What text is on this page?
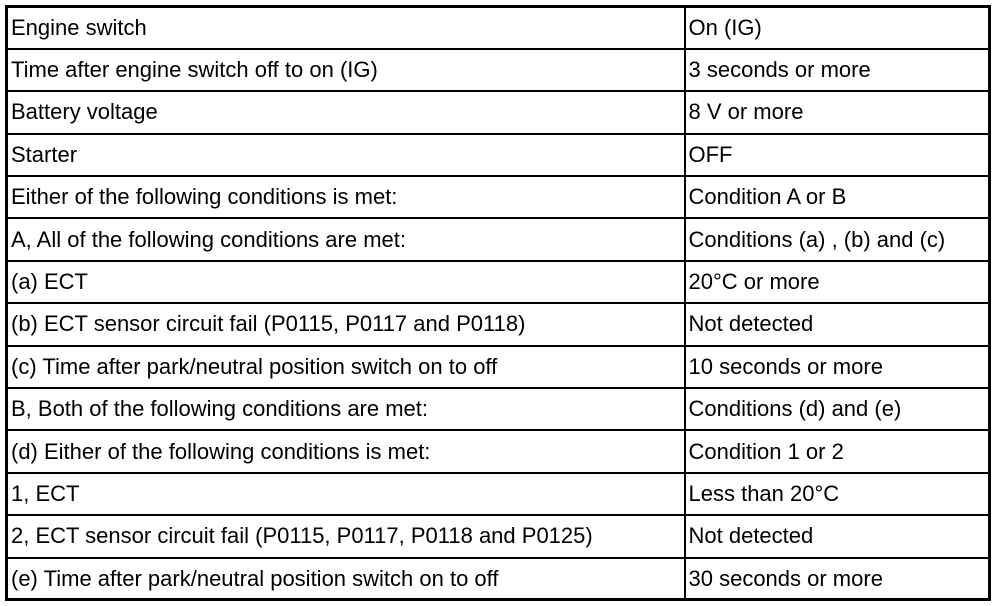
Engine switch	On (IG)
Time after engine switch off to on (IG)	3 seconds or more
Battery voltage	8 V or more
Starter	OFF
Either of the following conditions is met:	Condition A or B
A, All of the following conditions are met:	Conditions (a) , (b) and (c)
(a) ECT	20°C or more
(b) ECT sensor circuit fail (P0115, P0117 and P0118)	Not detected
(c) Time after park/neutral position switch on to off	10 seconds or more
B, Both of the following conditions are met:	Conditions (d) and (e)
(d) Either of the following conditions is met:	Condition 1 or 2
1, ECT	Less than 20°C
2, ECT sensor circuit fail (P0115, P0117, P0118 and P0125)	Not detected
(e) Time after park/neutral position switch on to off	30 seconds or more
